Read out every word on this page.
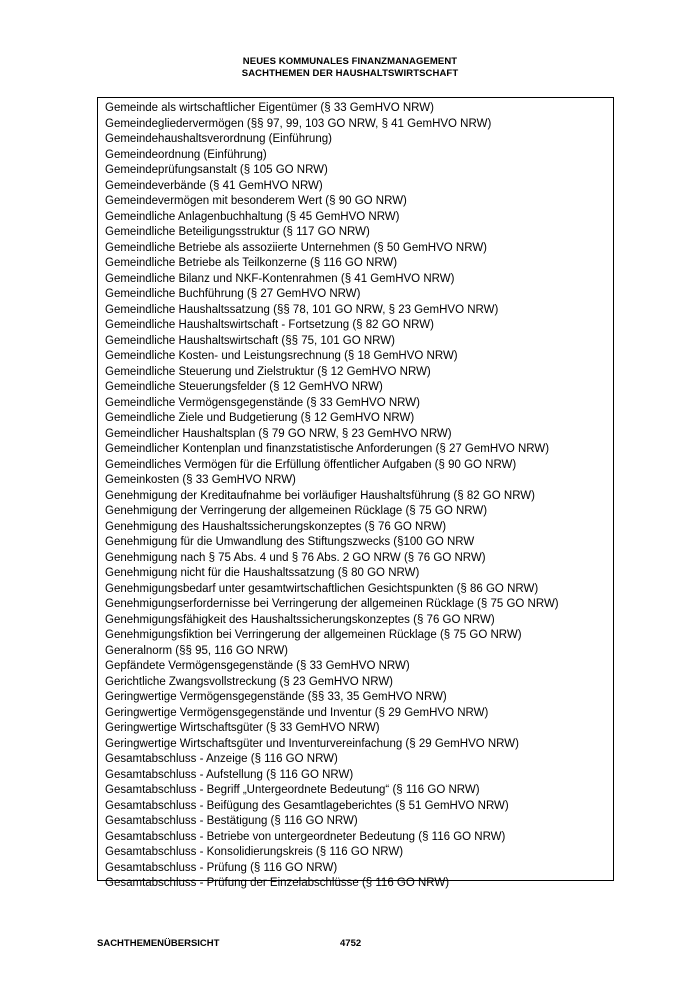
NEUES KOMMUNALES FINANZMANAGEMENT
SACHTHEMEN DER HAUSHALTSWIRTSCHAFT
Gemeinde als wirtschaftlicher Eigentümer (§ 33 GemHVO NRW)
Gemeindegliedervermögen (§§ 97, 99, 103 GO NRW, § 41 GemHVO NRW)
Gemeindehaushaltsverordnung (Einführung)
Gemeindeordnung (Einführung)
Gemeindeprüfungsanstalt (§ 105 GO NRW)
Gemeindeverbände (§ 41 GemHVO NRW)
Gemeindevermögen mit besonderem Wert (§ 90 GO NRW)
Gemeindliche Anlagenbuchhaltung (§ 45 GemHVO NRW)
Gemeindliche Beteiligungsstruktur (§ 117 GO NRW)
Gemeindliche Betriebe als assoziierte Unternehmen (§ 50 GemHVO NRW)
Gemeindliche Betriebe als Teilkonzerne (§ 116 GO NRW)
Gemeindliche Bilanz und NKF-Kontenrahmen (§ 41 GemHVO NRW)
Gemeindliche Buchführung (§ 27 GemHVO NRW)
Gemeindliche Haushaltssatzung (§§ 78, 101 GO NRW, § 23 GemHVO NRW)
Gemeindliche Haushaltswirtschaft - Fortsetzung (§ 82 GO NRW)
Gemeindliche Haushaltswirtschaft (§§ 75, 101 GO NRW)
Gemeindliche Kosten- und Leistungsrechnung (§ 18 GemHVO NRW)
Gemeindliche Steuerung und Zielstruktur (§ 12 GemHVO NRW)
Gemeindliche Steuerungsfelder (§ 12 GemHVO NRW)
Gemeindliche Vermögensgegenstände (§ 33 GemHVO NRW)
Gemeindliche Ziele und Budgetierung (§ 12 GemHVO NRW)
Gemeindlicher Haushaltsplan (§ 79 GO NRW, § 23 GemHVO NRW)
Gemeindlicher Kontenplan und finanzstatistische Anforderungen (§ 27 GemHVO NRW)
Gemeindliches Vermögen für die Erfüllung öffentlicher Aufgaben (§ 90 GO NRW)
Gemeinkosten (§ 33 GemHVO NRW)
Genehmigung der Kreditaufnahme bei vorläufiger Haushaltsführung (§ 82 GO NRW)
Genehmigung der Verringerung der allgemeinen Rücklage (§ 75 GO NRW)
Genehmigung des Haushaltssicherungskonzeptes (§ 76 GO NRW)
Genehmigung für die Umwandlung des Stiftungszwecks (§100 GO NRW
Genehmigung nach § 75 Abs. 4 und § 76 Abs. 2 GO NRW (§ 76 GO NRW)
Genehmigung nicht für die Haushaltssatzung (§ 80 GO NRW)
Genehmigungsbedarf unter gesamtwirtschaftlichen Gesichtspunkten (§ 86 GO NRW)
Genehmigungserfordernisse bei Verringerung der allgemeinen Rücklage (§ 75 GO NRW)
Genehmigungsfähigkeit des Haushaltssicherungskonzeptes (§ 76 GO NRW)
Genehmigungsfiktion bei Verringerung der allgemeinen Rücklage (§ 75 GO NRW)
Generalnorm (§§ 95, 116 GO NRW)
Gepfändete Vermögensgegenstände (§ 33 GemHVO NRW)
Gerichtliche Zwangsvollstreckung (§ 23 GemHVO NRW)
Geringwertige Vermögensgegenstände (§§ 33, 35 GemHVO NRW)
Geringwertige Vermögensgegenstände und Inventur (§ 29 GemHVO NRW)
Geringwertige Wirtschaftsgüter (§ 33 GemHVO NRW)
Geringwertige Wirtschaftsgüter und Inventurvereinfachung (§ 29 GemHVO NRW)
Gesamtabschluss - Anzeige (§ 116 GO NRW)
Gesamtabschluss - Aufstellung (§ 116 GO NRW)
Gesamtabschluss - Begriff „Untergeordnete Bedeutung“ (§ 116 GO NRW)
Gesamtabschluss - Beifügung des Gesamtlageberichtes (§ 51 GemHVO NRW)
Gesamtabschluss - Bestätigung (§ 116 GO NRW)
Gesamtabschluss - Betriebe von untergeordneter Bedeutung (§ 116 GO NRW)
Gesamtabschluss - Konsolidierungskreis (§ 116 GO NRW)
Gesamtabschluss - Prüfung (§ 116 GO NRW)
Gesamtabschluss - Prüfung der Einzelabschlüsse (§ 116 GO NRW)
SACHTHEMENÜBERSICHT	4752
